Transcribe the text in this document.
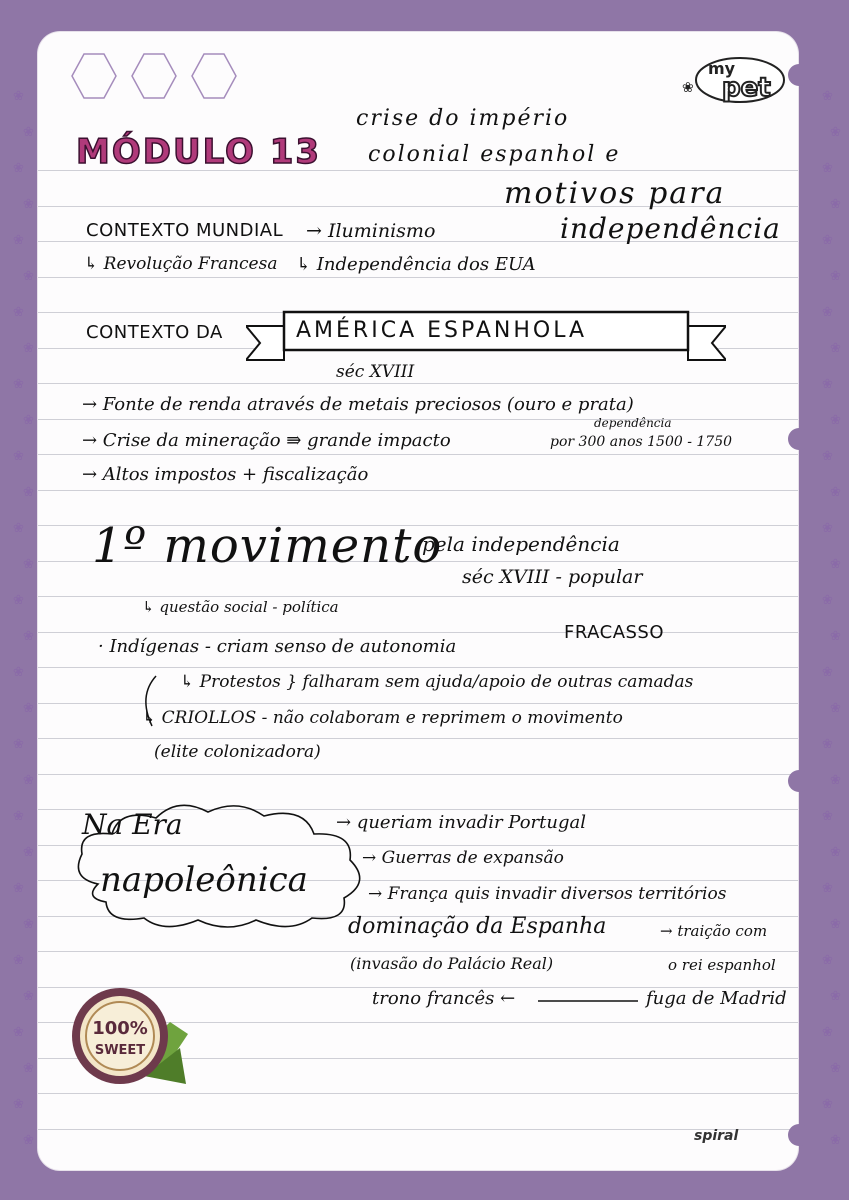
❀	❀
❀	❀
❀	❀
❀	❀
❀	❀
❀	❀
❀	❀
❀	❀
❀	❀
❀	❀
❀	❀
❀	❀
❀	❀
❀	❀
❀	❀
❀	❀
❀	❀
❀	❀
❀	❀
❀	❀
❀	❀
❀	❀
❀	❀
❀	❀
❀	❀
❀	❀
❀	❀
❀	❀
❀	❀
❀	❀
my
pet
❀
MÓDULO 13
crise do império
colonial espanhol e
motivos para
independência
CONTEXTO MUNDIAL → Iluminismo
↳ Revolução Francesa ↳ Independência dos EUA
CONTEXTO DA	AMÉRICA ESPANHOLA
séc XVIII
→ Fonte de renda através de metais preciosos (ouro e prata)
→ Crise da mineração ⇛ grande impacto
→ Altos impostos + fiscalização
dependência
por 300 anos 1500 - 1750
1º movimento
pela independência
séc XVIII - popular
↳ questão social - política
FRACASSO
· Indígenas - criam senso de autonomia
↳ Protestos } falharam sem ajuda/apoio de outras camadas
↳ CRIOLLOS - não colaboram e reprimem o movimento
(elite colonizadora)
Na Era
napoleônica
→ queriam invadir Portugal
→ Guerras de expansão
→ França quis invadir diversos territórios
dominação da Espanha	→ traição com
o rei espanhol
(invasão do Palácio Real)
trono francês ←	fuga de Madrid
100%
SWEET
spiral
